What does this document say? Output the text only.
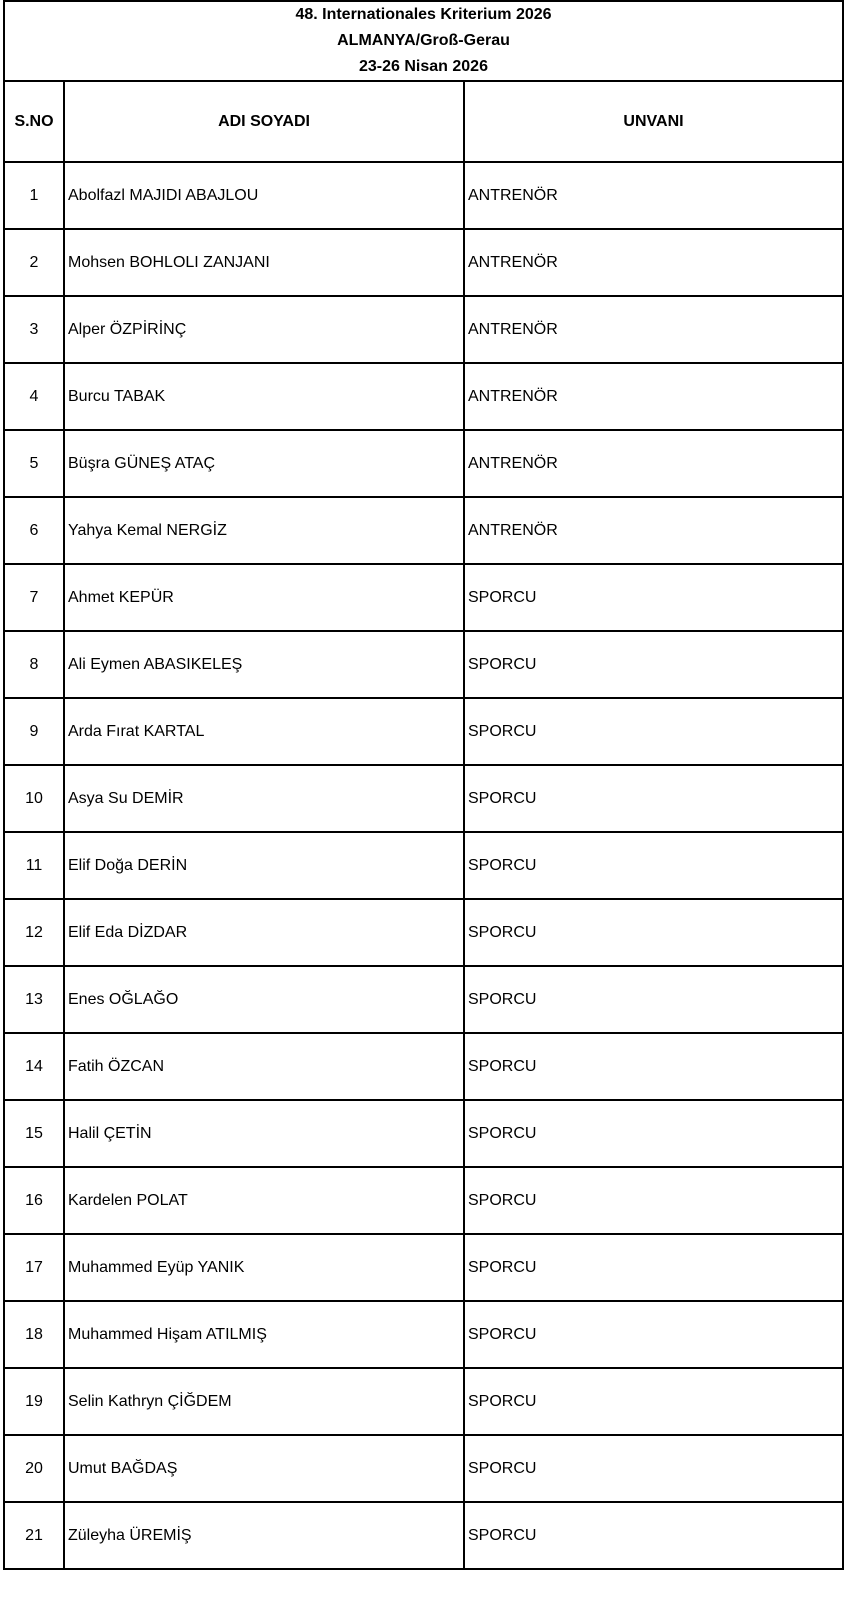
48. Internationales Kriterium 2026
ALMANYA/Groß-Gerau
23-26 Nisan 2026		

S.NO	ADI SOYADI	UNVANI
1	Abolfazl MAJIDI ABAJLOU	ANTRENÖR
2	Mohsen BOHLOLI ZANJANI	ANTRENÖR
3	Alper ÖZPİRİNÇ	ANTRENÖR
4	Burcu TABAK	ANTRENÖR
5	Büşra GÜNEŞ ATAÇ	ANTRENÖR
6	Yahya Kemal NERGİZ	ANTRENÖR
7	Ahmet KEPÜR	SPORCU
8	Ali Eymen ABASIKELEŞ	SPORCU
9	Arda Fırat KARTAL	SPORCU
10	Asya Su DEMİR	SPORCU
11	Elif Doğa DERİN	SPORCU
12	Elif Eda DİZDAR	SPORCU
13	Enes OĞLAĞO	SPORCU
14	Fatih ÖZCAN	SPORCU
15	Halil ÇETİN	SPORCU
16	Kardelen POLAT	SPORCU
17	Muhammed Eyüp YANIK	SPORCU
18	Muhammed Hişam ATILMIŞ	SPORCU
19	Selin Kathryn ÇİĞDEM	SPORCU
20	Umut BAĞDAŞ	SPORCU
21	Züleyha ÜREMİŞ	SPORCU
